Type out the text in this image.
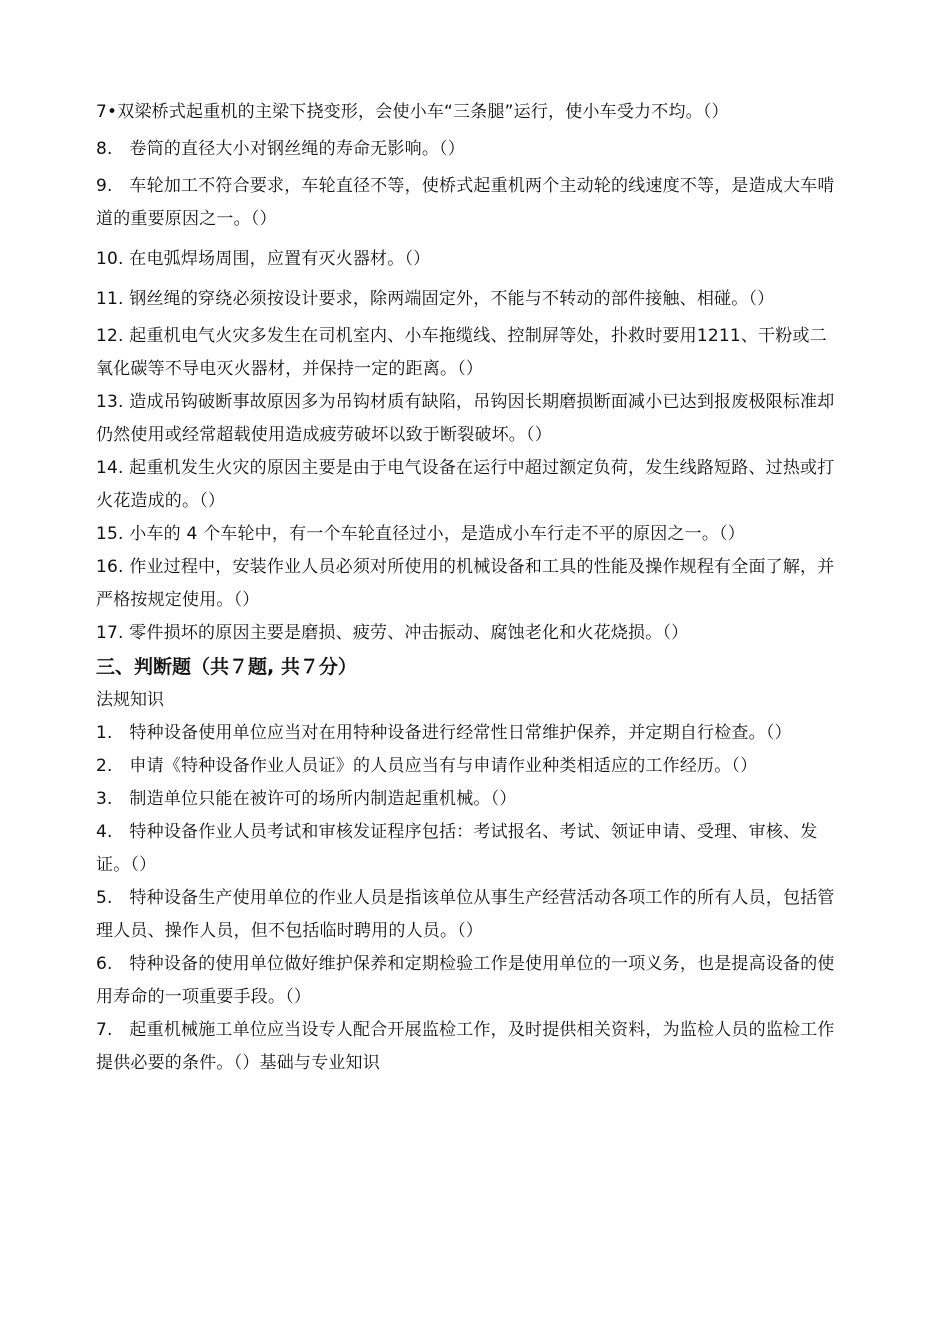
7•双梁桥式起重机的主梁下挠变形，会使小车“三条腿”运行，使小车受力不均。（）
8.   卷筒的直径大小对钢丝绳的寿命无影响。（）
9.   车轮加工不符合要求，车轮直径不等，使桥式起重机两个主动轮的线速度不等，是造成大车啃道的重要原因之一。（）
10. 在电弧焊场周围，应置有灭火器材。（）
11. 钢丝绳的穿绕必须按设计要求，除两端固定外，不能与不转动的部件接触、相碰。（）
12. 起重机电气火灾多发生在司机室内、小车拖缆线、控制屏等处，扑救时要用1211、干粉或二氧化碳等不导电灭火器材，并保持一定的距离。（）
13. 造成吊钩破断事故原因多为吊钩材质有缺陷，吊钩因长期磨损断面减小已达到报废极限标准却仍然使用或经常超载使用造成疲劳破坏以致于断裂破坏。（）
14. 起重机发生火灾的原因主要是由于电气设备在运行中超过额定负荷，发生线路短路、过热或打火花造成的。（）
15. 小车的 4 个车轮中，有一个车轮直径过小，是造成小车行走不平的原因之一。（）
16. 作业过程中，安装作业人员必须对所使用的机械设备和工具的性能及操作规程有全面了解，并严格按规定使用。（）
17. 零件损坏的原因主要是磨损、疲劳、冲击振动、腐蚀老化和火花烧损。（）
三、判断题（共７题, 共７分）
法规知识
1.   特种设备使用单位应当对在用特种设备进行经常性日常维护保养，并定期自行检查。（）
2.   申请《特种设备作业人员证》的人员应当有与申请作业种类相适应的工作经历。（）
3.   制造单位只能在被许可的场所内制造起重机械。（）
4.   特种设备作业人员考试和审核发证程序包括：考试报名、考试、领证申请、受理、审核、发证。（）
5.   特种设备生产使用单位的作业人员是指该单位从事生产经营活动各项工作的所有人员，包括管理人员、操作人员，但不包括临时聘用的人员。（）
6.   特种设备的使用单位做好维护保养和定期检验工作是使用单位的一项义务，也是提高设备的使用寿命的一项重要手段。（）
7.   起重机械施工单位应当设专人配合开展监检工作，及时提供相关资料，为监检人员的监检工作提供必要的条件。（）基础与专业知识
